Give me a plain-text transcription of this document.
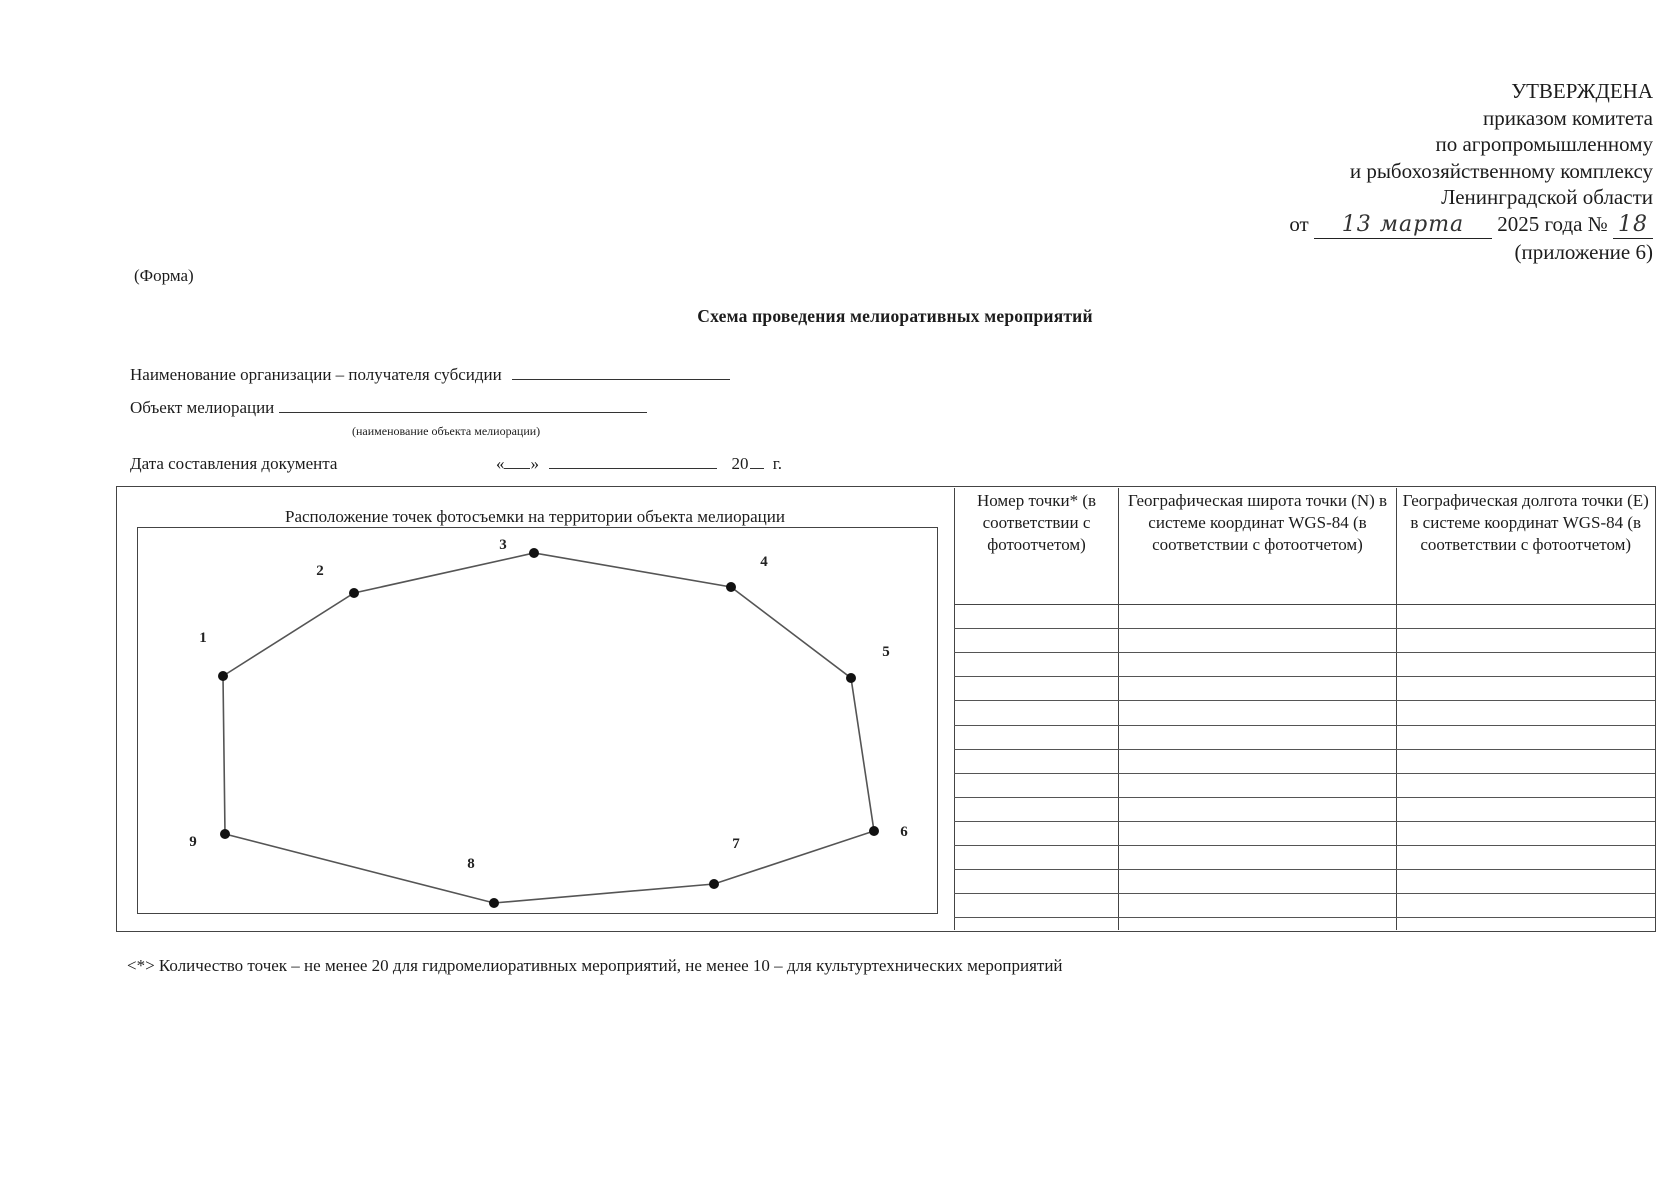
УТВЕРЖДЕНА
приказом комитета
по агропромышленному
и рыбохозяйственному комплексу
Ленинградской области
от 13 марта 2025 года № 18
(приложение 6)
(Форма)
Схема проведения мелиоративных мероприятий
Наименование организации – получателя субсидии
Объект мелиорации
(наименование объекта мелиорации)
Дата составления документа	« »	20 г.
Расположение точек фотосъемки на территории объекта мелиорации
1
2
3
4
5
6
7
8
9
Номер точки* (в соответствии с фотоотчетом)	Географическая широта точки (N) в системе координат WGS-84 (в соответствии с фотоотчетом)	Географическая долгота точки (E) в системе координат WGS-84 (в соответствии с фотоотчетом)

<*> Количество точек – не менее 20 для гидромелиоративных мероприятий, не менее 10 – для культуртехнических мероприятий
